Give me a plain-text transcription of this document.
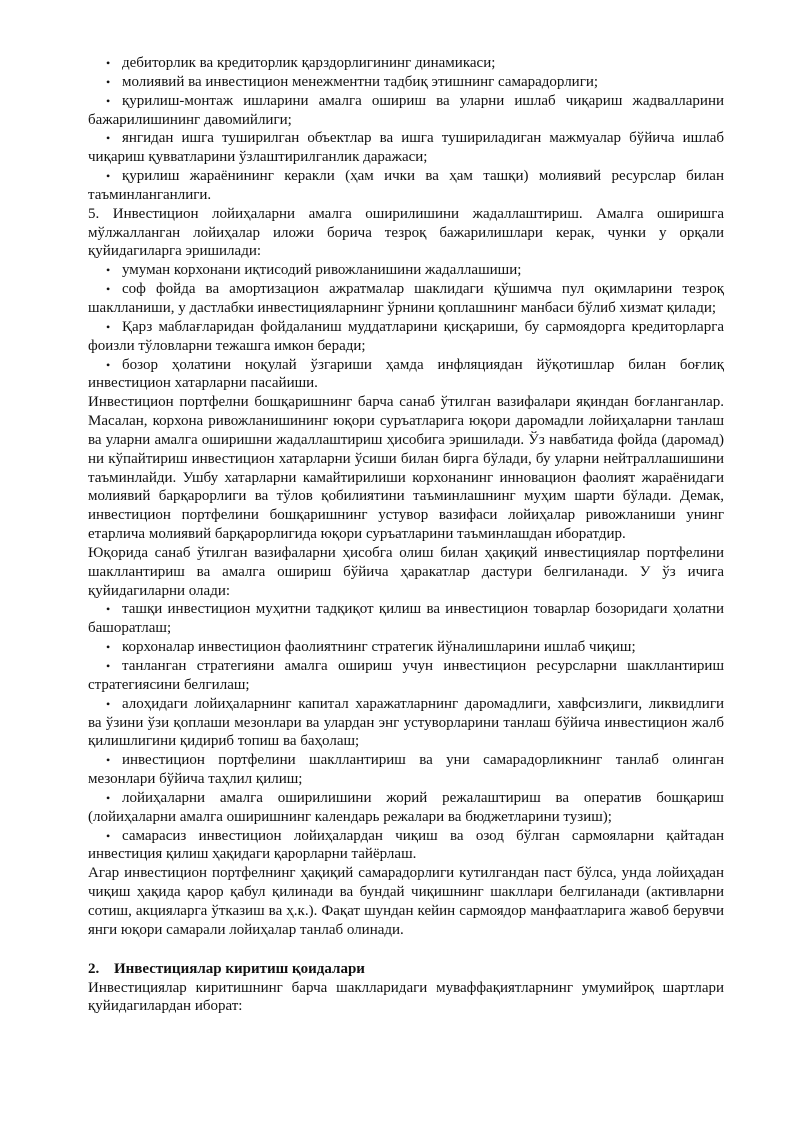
• дебиторлик ва кредиторлик қарздорлигининг динамикаси;

• молиявий ва инвестицион менежментни тадбиқ этишнинг самарадорлиги;

• қурилиш-монтаж ишларини амалга ошириш ва уларни ишлаб чиқариш жадвалларини бажарилишининг давомийлиги;

• янгидан ишга туширилган объектлар ва ишга тушириладиган мажмуалар бўйича ишлаб чиқариш қувватларини ўзлаштирилганлик даражаси;

• қурилиш жараёнининг керакли (ҳам ички ва ҳам ташқи) молиявий ресурслар билан таъминланганлиги.

5. Инвестицион лойиҳаларни амалга оширилишини жадаллаштириш. Амалга оширишга мўлжалланган лойиҳалар иложи борича тезроқ бажарилишлари керак, чунки у орқали қуйидагиларга эришилади:

• умуман корхонани иқтисодий ривожланишини жадаллашиши;

• соф фойда ва амортизацион ажратмалар шаклидаги қўшимча пул оқимларини тезроқ шаклланиши, у дастлабки инвестицияларнинг ўрнини қоплашнинг манбаси бўлиб хизмат қилади;

• Қарз маблағларидан фойдаланиш муддатларини қисқариши, бу сармоядорга кредиторларга фоизли тўловларни тежашга имкон беради;

• бозор ҳолатини ноқулай ўзгариши ҳамда инфляциядан йўқотишлар билан боғлиқ инвестицион хатарларни пасайиши.

Инвестицион портфелни бошқаришнинг барча санаб ўтилган вазифалари яқиндан боғланганлар. Масалан, корхона ривожланишининг юқори суръатларига юқори даромадли лойиҳаларни танлаш ва уларни амалга оширишни жадаллаштириш ҳисобига эришилади. Ўз навбатида фойда (даромад) ни кўпайтириш инвестицион хатарларни ўсиши билан бирга бўлади, бу уларни нейтраллашишини таъминлайди. Ушбу хатарларни камайтирилиши корхонанинг инновацион фаолият жараёнидаги молиявий барқарорлиги ва тўлов қобилиятини таъминлашнинг муҳим шарти бўлади. Демак, инвестицион портфелини бошқаришнинг устувор вазифаси лойиҳалар ривожланиши унинг етарлича молиявий барқарорлигида юқори суръатларини таъминлашдан иборатдир.

Юқорида санаб ўтилган вазифаларни ҳисобга олиш билан ҳақиқий инвестициялар портфелини шакллантириш ва амалга ошириш бўйича ҳаракатлар дастури белгиланади. У ўз ичига қуйидагиларни олади:

• ташқи инвестицион муҳитни тадқиқот қилиш ва инвестицион товарлар бозоридаги ҳолатни башоратлаш;

• корхоналар инвестицион фаолиятнинг стратегик йўналишларини ишлаб чиқиш;

• танланган стратегияни амалга ошириш учун инвестицион ресурсларни шакллантириш стратегиясини белгилаш;

• алоҳидаги лойиҳаларнинг капитал харажатларнинг даромадлиги, хавфсизлиги, ликвидлиги ва ўзини ўзи қоплаши мезонлари ва улардан энг устуворларини танлаш бўйича инвестицион жалб қилишлигини қидириб топиш ва баҳолаш;

• инвестицион портфелини шакллантириш ва уни самарадорликнинг танлаб олинган мезонлари бўйича таҳлил қилиш;

• лойиҳаларни амалга оширилишини жорий режалаштириш ва оператив бошқариш (лойиҳаларни амалга оширишнинг календарь режалари ва бюджетларини тузиш);

• самарасиз инвестицион лойиҳалардан чиқиш ва озод бўлган сармояларни қайтадан инвестиция қилиш ҳақидаги қарорларни тайёрлаш.

Агар инвестицион портфелнинг ҳақиқий самарадорлиги кутилгандан паст бўлса, унда лойиҳадан чиқиш ҳақида қарор қабул қилинади ва бундай чиқишнинг шакллари белгиланади (активларни сотиш, акцияларга ўтказиш ва ҳ.к.). Фақат шундан кейин сармоядор манфаатларига жавоб берувчи янги юқори самарали лойиҳалар танлаб олинади.

2. Инвестициялар киритиш қоидалари

Инвестициялар киритишнинг барча шаклларидаги муваффақиятларнинг умумийроқ шартлари қуйидагилардан иборат:
